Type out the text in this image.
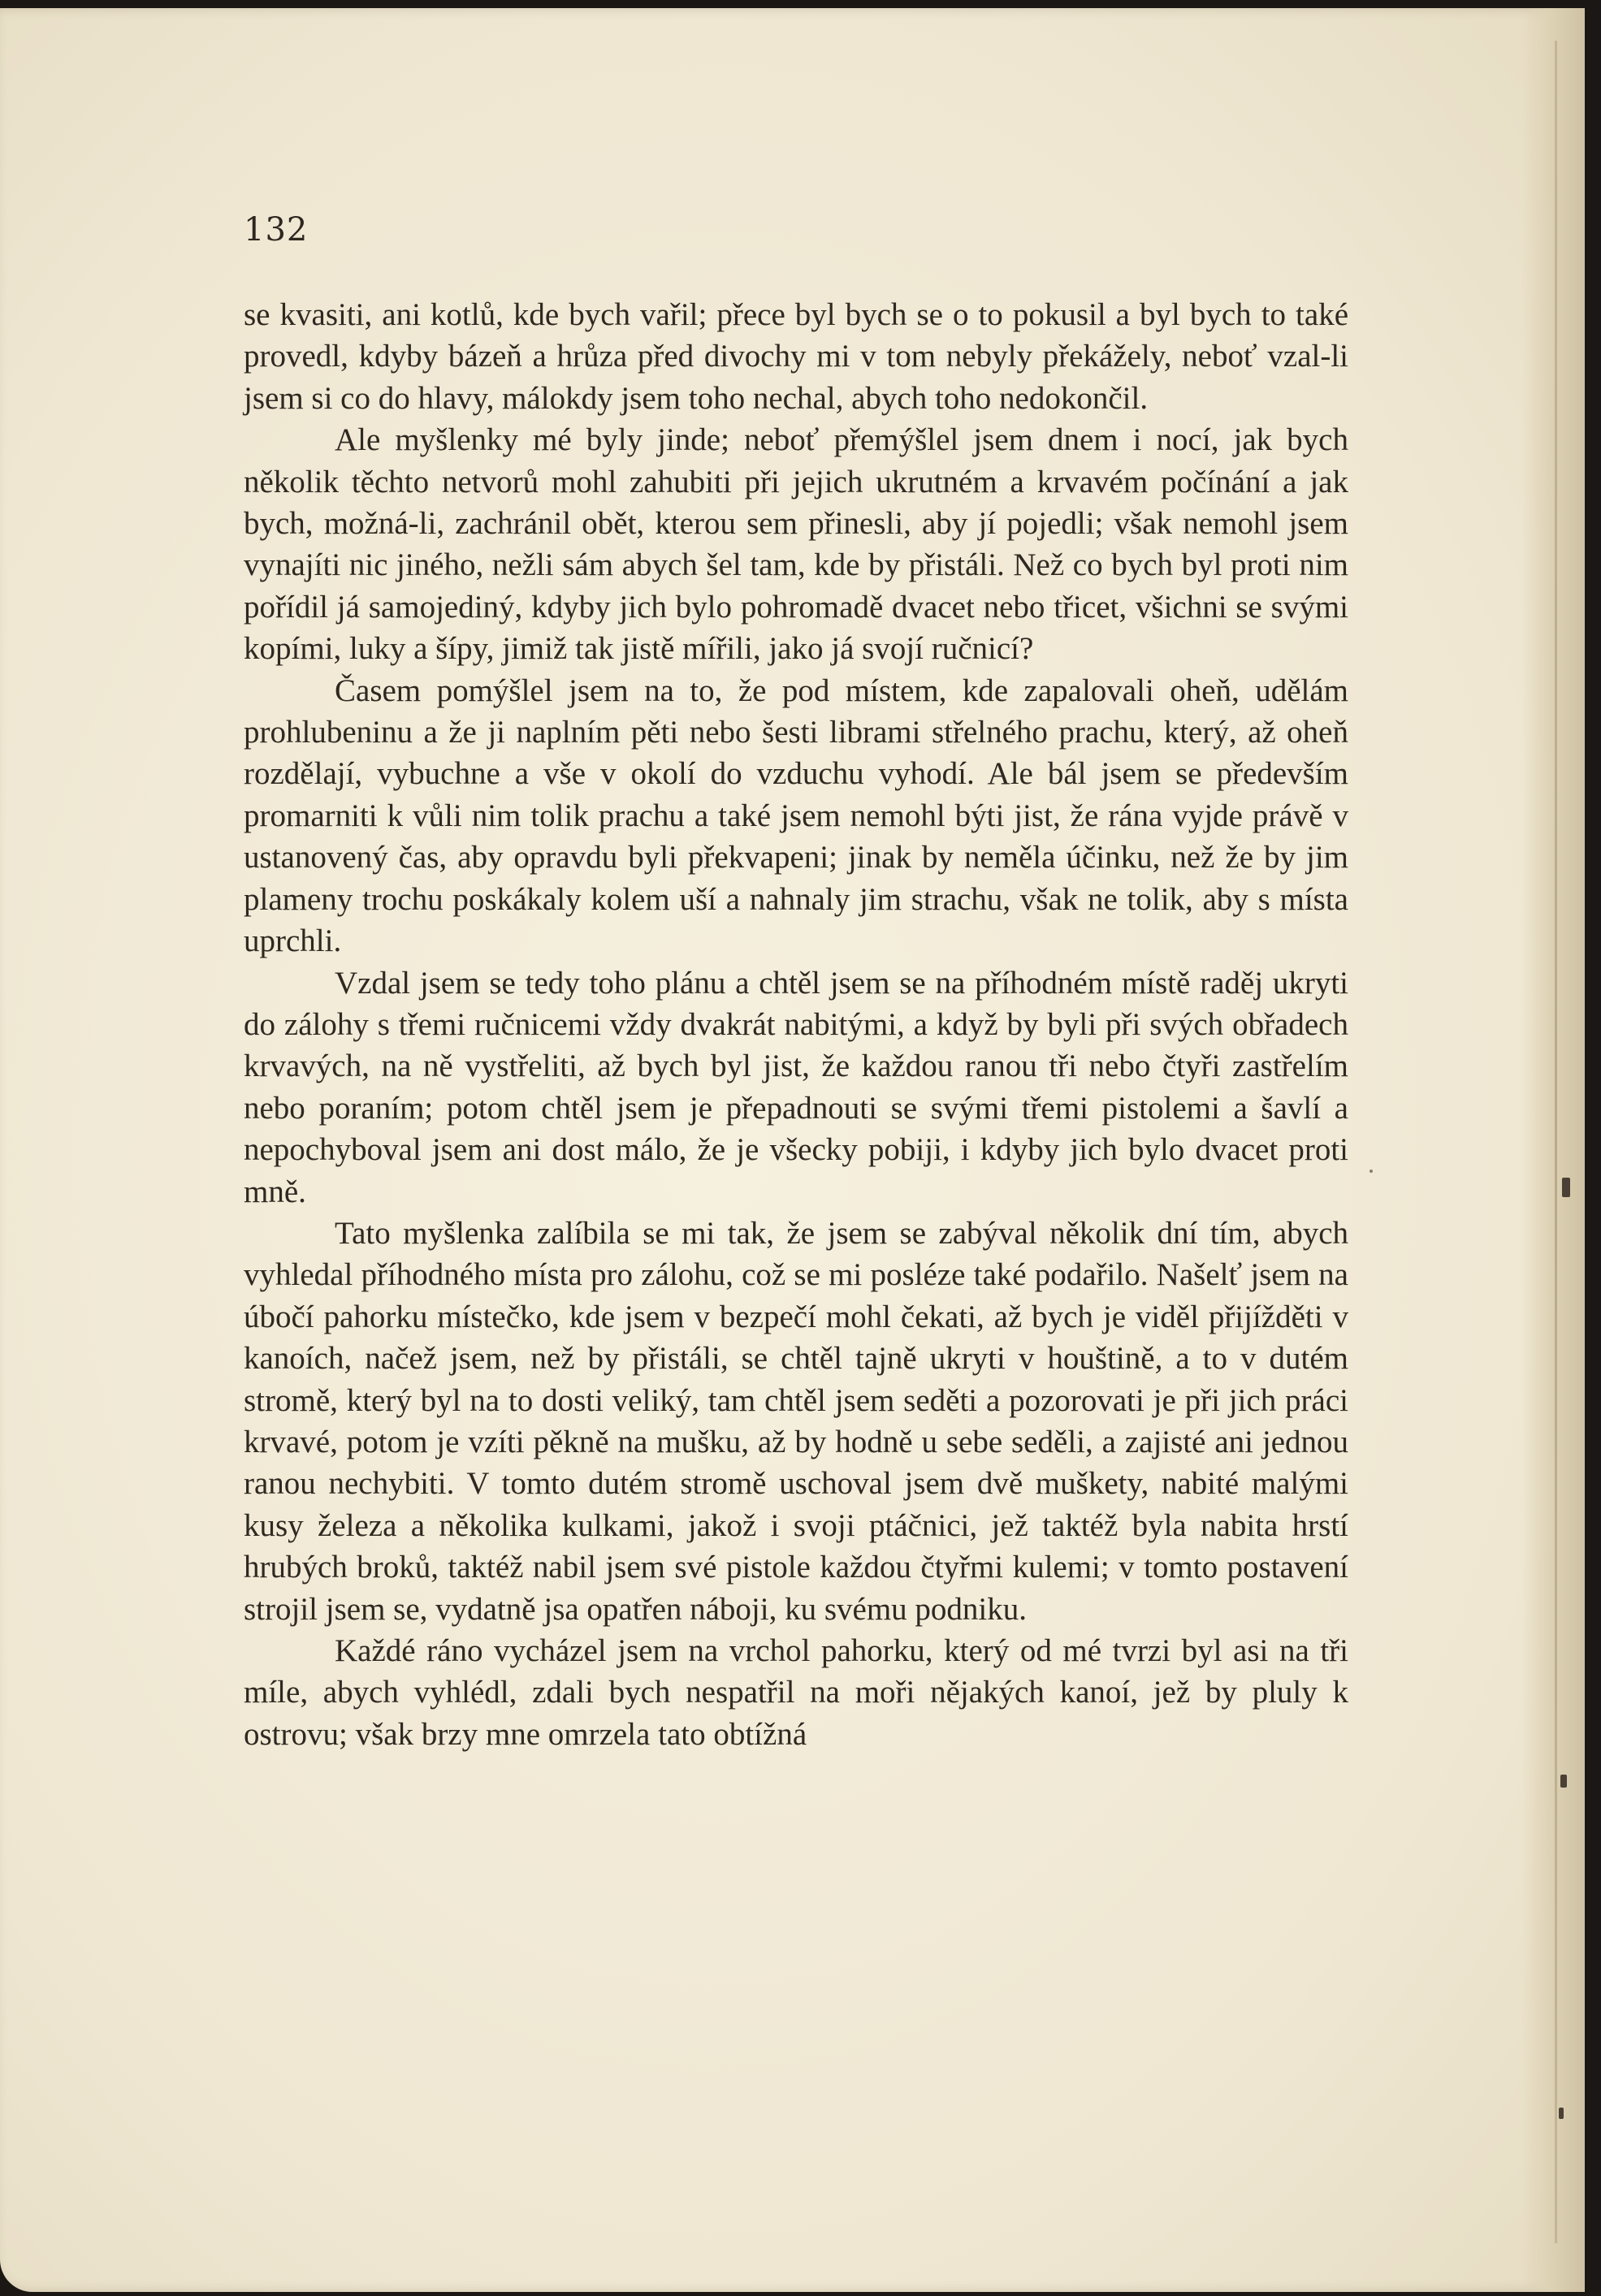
132

se kvasiti, ani kotlů, kde bych vařil; přece byl bych se o to pokusil a byl bych to také provedl, kdyby bázeň a hrůza před divochy mi v tom nebyly překážely, neboť vzal-li jsem si co do hlavy, málokdy jsem toho nechal, abych toho nedokončil.

Ale myšlenky mé byly jinde; neboť přemýšlel jsem dnem i nocí, jak bych několik těchto netvorů mohl zahubiti při jejich ukrutném a krvavém počínání a jak bych, možná-li, zachránil obět, kterou sem přinesli, aby jí pojedli; však nemohl jsem vynajíti nic jiného, nežli sám abych šel tam, kde by přistáli. Než co bych byl proti nim pořídil já samojediný, kdyby jich bylo pohromadě dvacet nebo třicet, všichni se svými kopími, luky a šípy, jimiž tak jistě mířili, jako já svojí ručnicí?

Časem pomýšlel jsem na to, že pod místem, kde zapalovali oheň, udělám prohlubeninu a že ji naplním pěti nebo šesti librami střelného prachu, který, až oheň rozdělají, vybuchne a vše v okolí do vzduchu vyhodí. Ale bál jsem se především promarniti k vůli nim tolik prachu a také jsem nemohl býti jist, že rána vyjde právě v ustanovený čas, aby opravdu byli překvapeni; jinak by neměla účinku, než že by jim plameny trochu poskákaly kolem uší a nahnaly jim strachu, však ne tolik, aby s místa uprchli.

Vzdal jsem se tedy toho plánu a chtěl jsem se na příhodném místě raděj ukryti do zálohy s třemi ručnicemi vždy dvakrát nabitými, a když by byli při svých obřadech krvavých, na ně vystřeliti, až bych byl jist, že každou ranou tři nebo čtyři zastřelím nebo poraním; potom chtěl jsem je přepadnouti se svými třemi pistolemi a šavlí a nepochyboval jsem ani dost málo, že je všecky pobiji, i kdyby jich bylo dvacet proti mně.

Tato myšlenka zalíbila se mi tak, že jsem se zabýval několik dní tím, abych vyhledal příhodného místa pro zálohu, což se mi posléze také podařilo. Našelť jsem na úbočí pahorku místečko, kde jsem v bezpečí mohl čekati, až bych je viděl přijížděti v kanoích, načež jsem, než by přistáli, se chtěl tajně ukryti v houštině, a to v dutém stromě, který byl na to dosti veliký, tam chtěl jsem seděti a pozorovati je při jich práci krvavé, potom je vzíti pěkně na mušku, až by hodně u sebe seděli, a zajisté ani jednou ranou nechybiti. V tomto dutém stromě uschoval jsem dvě muškety, nabité malými kusy železa a několika kulkami, jakož i svoji ptáčnici, jež taktéž byla nabita hrstí hrubých broků, taktéž nabil jsem své pistole každou čtyřmi kulemi; v tomto postavení strojil jsem se, vydatně jsa opatřen náboji, ku svému podniku.

Každé ráno vycházel jsem na vrchol pahorku, který od mé tvrzi byl asi na tři míle, abych vyhlédl, zdali bych nespatřil na moři nějakých kanoí, jež by pluly k ostrovu; však brzy mne omrzela tato obtížná
